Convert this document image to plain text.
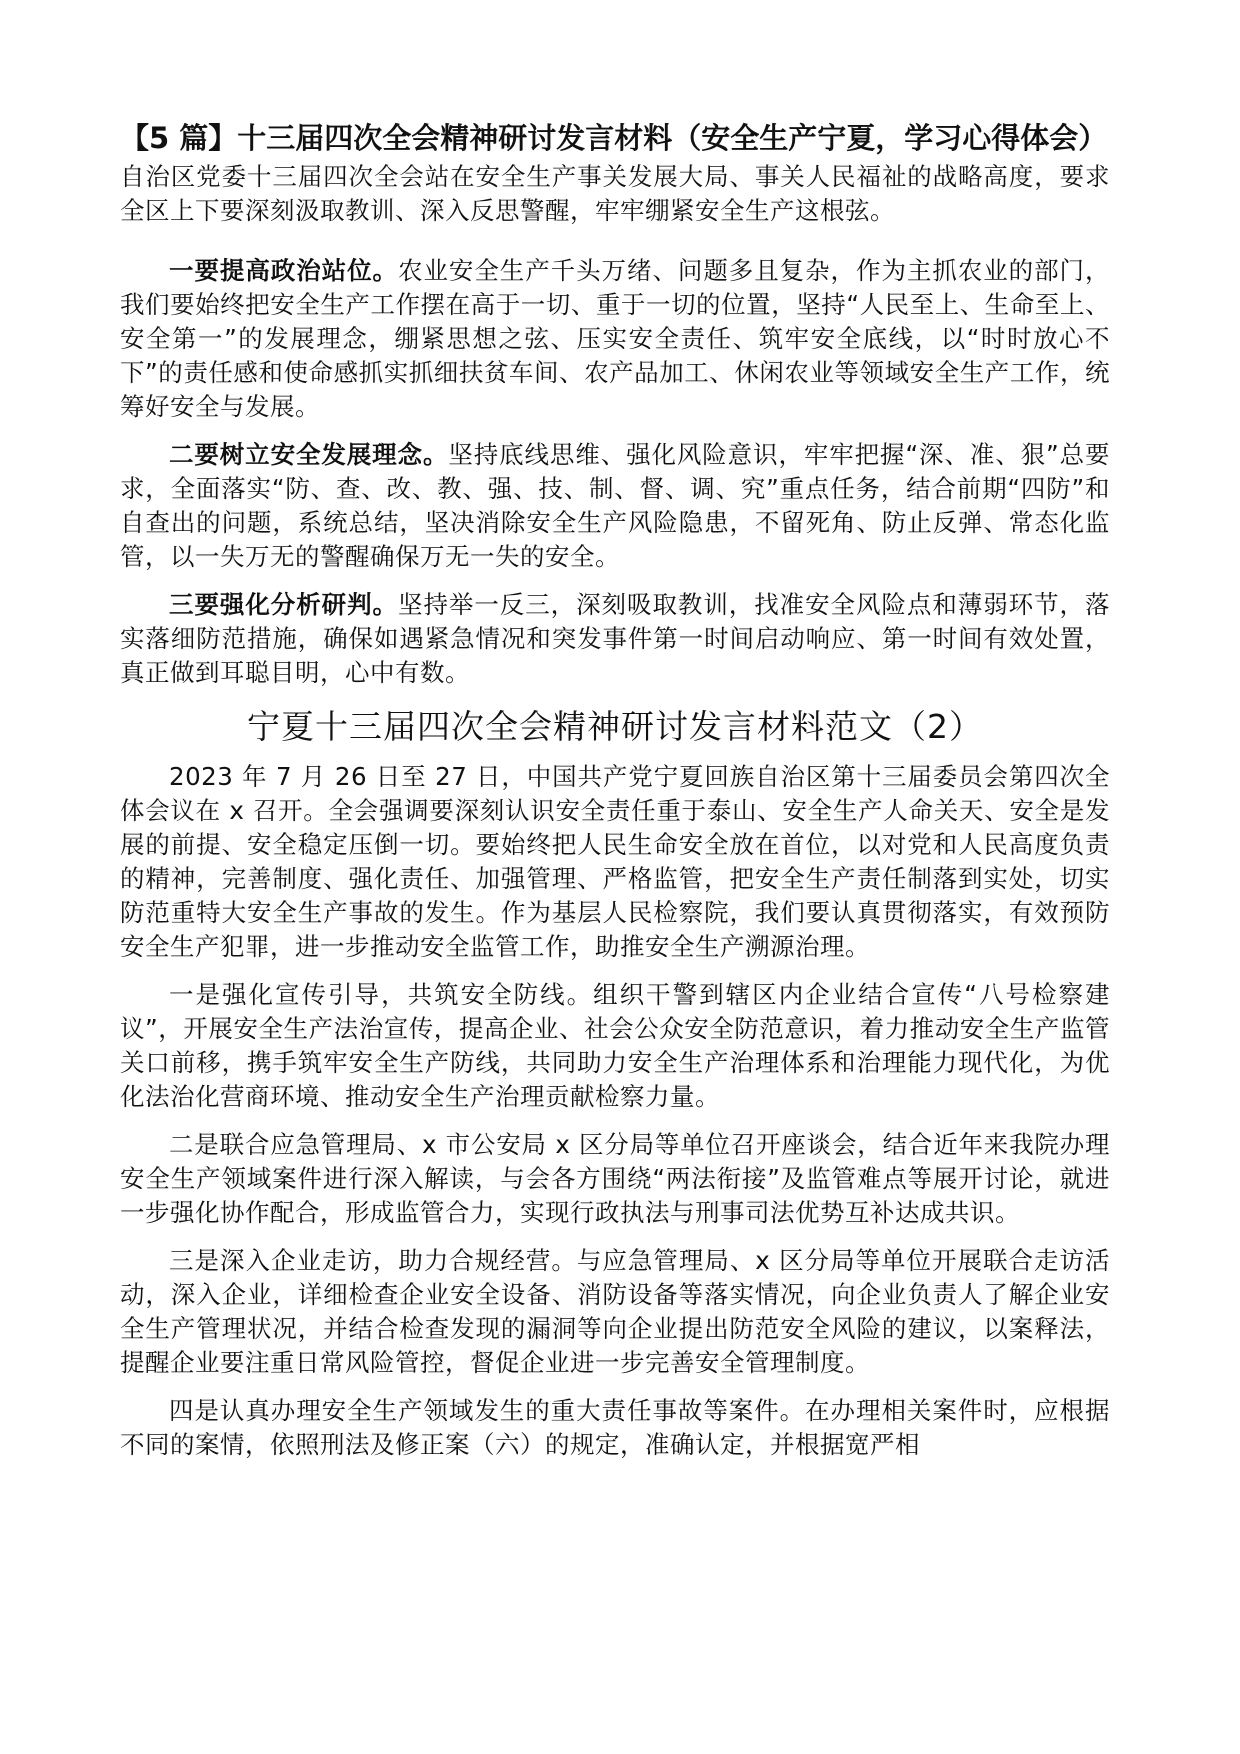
【5 篇】十三届四次全会精神研讨发言材料（安全生产宁夏，学习心得体会）

自治区党委十三届四次全会站在安全生产事关发展大局、事关人民福祉的战略高度，要求全区上下要深刻汲取教训、深入反思警醒，牢牢绷紧安全生产这根弦。

一要提高政治站位。农业安全生产千头万绪、问题多且复杂，作为主抓农业的部门，我们要始终把安全生产工作摆在高于一切、重于一切的位置，坚持“人民至上、生命至上、安全第一”的发展理念，绷紧思想之弦、压实安全责任、筑牢安全底线，以“时时放心不下”的责任感和使命感抓实抓细扶贫车间、农产品加工、休闲农业等领域安全生产工作，统筹好安全与发展。

二要树立安全发展理念。坚持底线思维、强化风险意识，牢牢把握“深、准、狠”总要求，全面落实“防、查、改、教、强、技、制、督、调、究”重点任务，结合前期“四防”和自查出的问题，系统总结，坚决消除安全生产风险隐患，不留死角、防止反弹、常态化监管，以一失万无的警醒确保万无一失的安全。

三要强化分析研判。坚持举一反三，深刻吸取教训，找准安全风险点和薄弱环节，落实落细防范措施，确保如遇紧急情况和突发事件第一时间启动响应、第一时间有效处置，真正做到耳聪目明，心中有数。

宁夏十三届四次全会精神研讨发言材料范文（2）

2023 年 7 月 26 日至 27 日，中国共产党宁夏回族自治区第十三届委员会第四次全体会议在 x 召开。全会强调要深刻认识安全责任重于泰山、安全生产人命关天、安全是发展的前提、安全稳定压倒一切。要始终把人民生命安全放在首位，以对党和人民高度负责的精神，完善制度、强化责任、加强管理、严格监管，把安全生产责任制落到实处，切实防范重特大安全生产事故的发生。作为基层人民检察院，我们要认真贯彻落实，有效预防安全生产犯罪，进一步推动安全监管工作，助推安全生产溯源治理。

一是强化宣传引导，共筑安全防线。组织干警到辖区内企业结合宣传“八号检察建议”，开展安全生产法治宣传，提高企业、社会公众安全防范意识，着力推动安全生产监管关口前移，携手筑牢安全生产防线，共同助力安全生产治理体系和治理能力现代化，为优化法治化营商环境、推动安全生产治理贡献检察力量。

二是联合应急管理局、x 市公安局 x 区分局等单位召开座谈会，结合近年来我院办理安全生产领域案件进行深入解读，与会各方围绕“两法衔接”及监管难点等展开讨论，就进一步强化协作配合，形成监管合力，实现行政执法与刑事司法优势互补达成共识。

三是深入企业走访，助力合规经营。与应急管理局、x 区分局等单位开展联合走访活动，深入企业，详细检查企业安全设备、消防设备等落实情况，向企业负责人了解企业安全生产管理状况，并结合检查发现的漏洞等向企业提出防范安全风险的建议，以案释法，提醒企业要注重日常风险管控，督促企业进一步完善安全管理制度。

四是认真办理安全生产领域发生的重大责任事故等案件。在办理相关案件时，应根据不同的案情，依照刑法及修正案（六）的规定，准确认定，并根据宽严相
